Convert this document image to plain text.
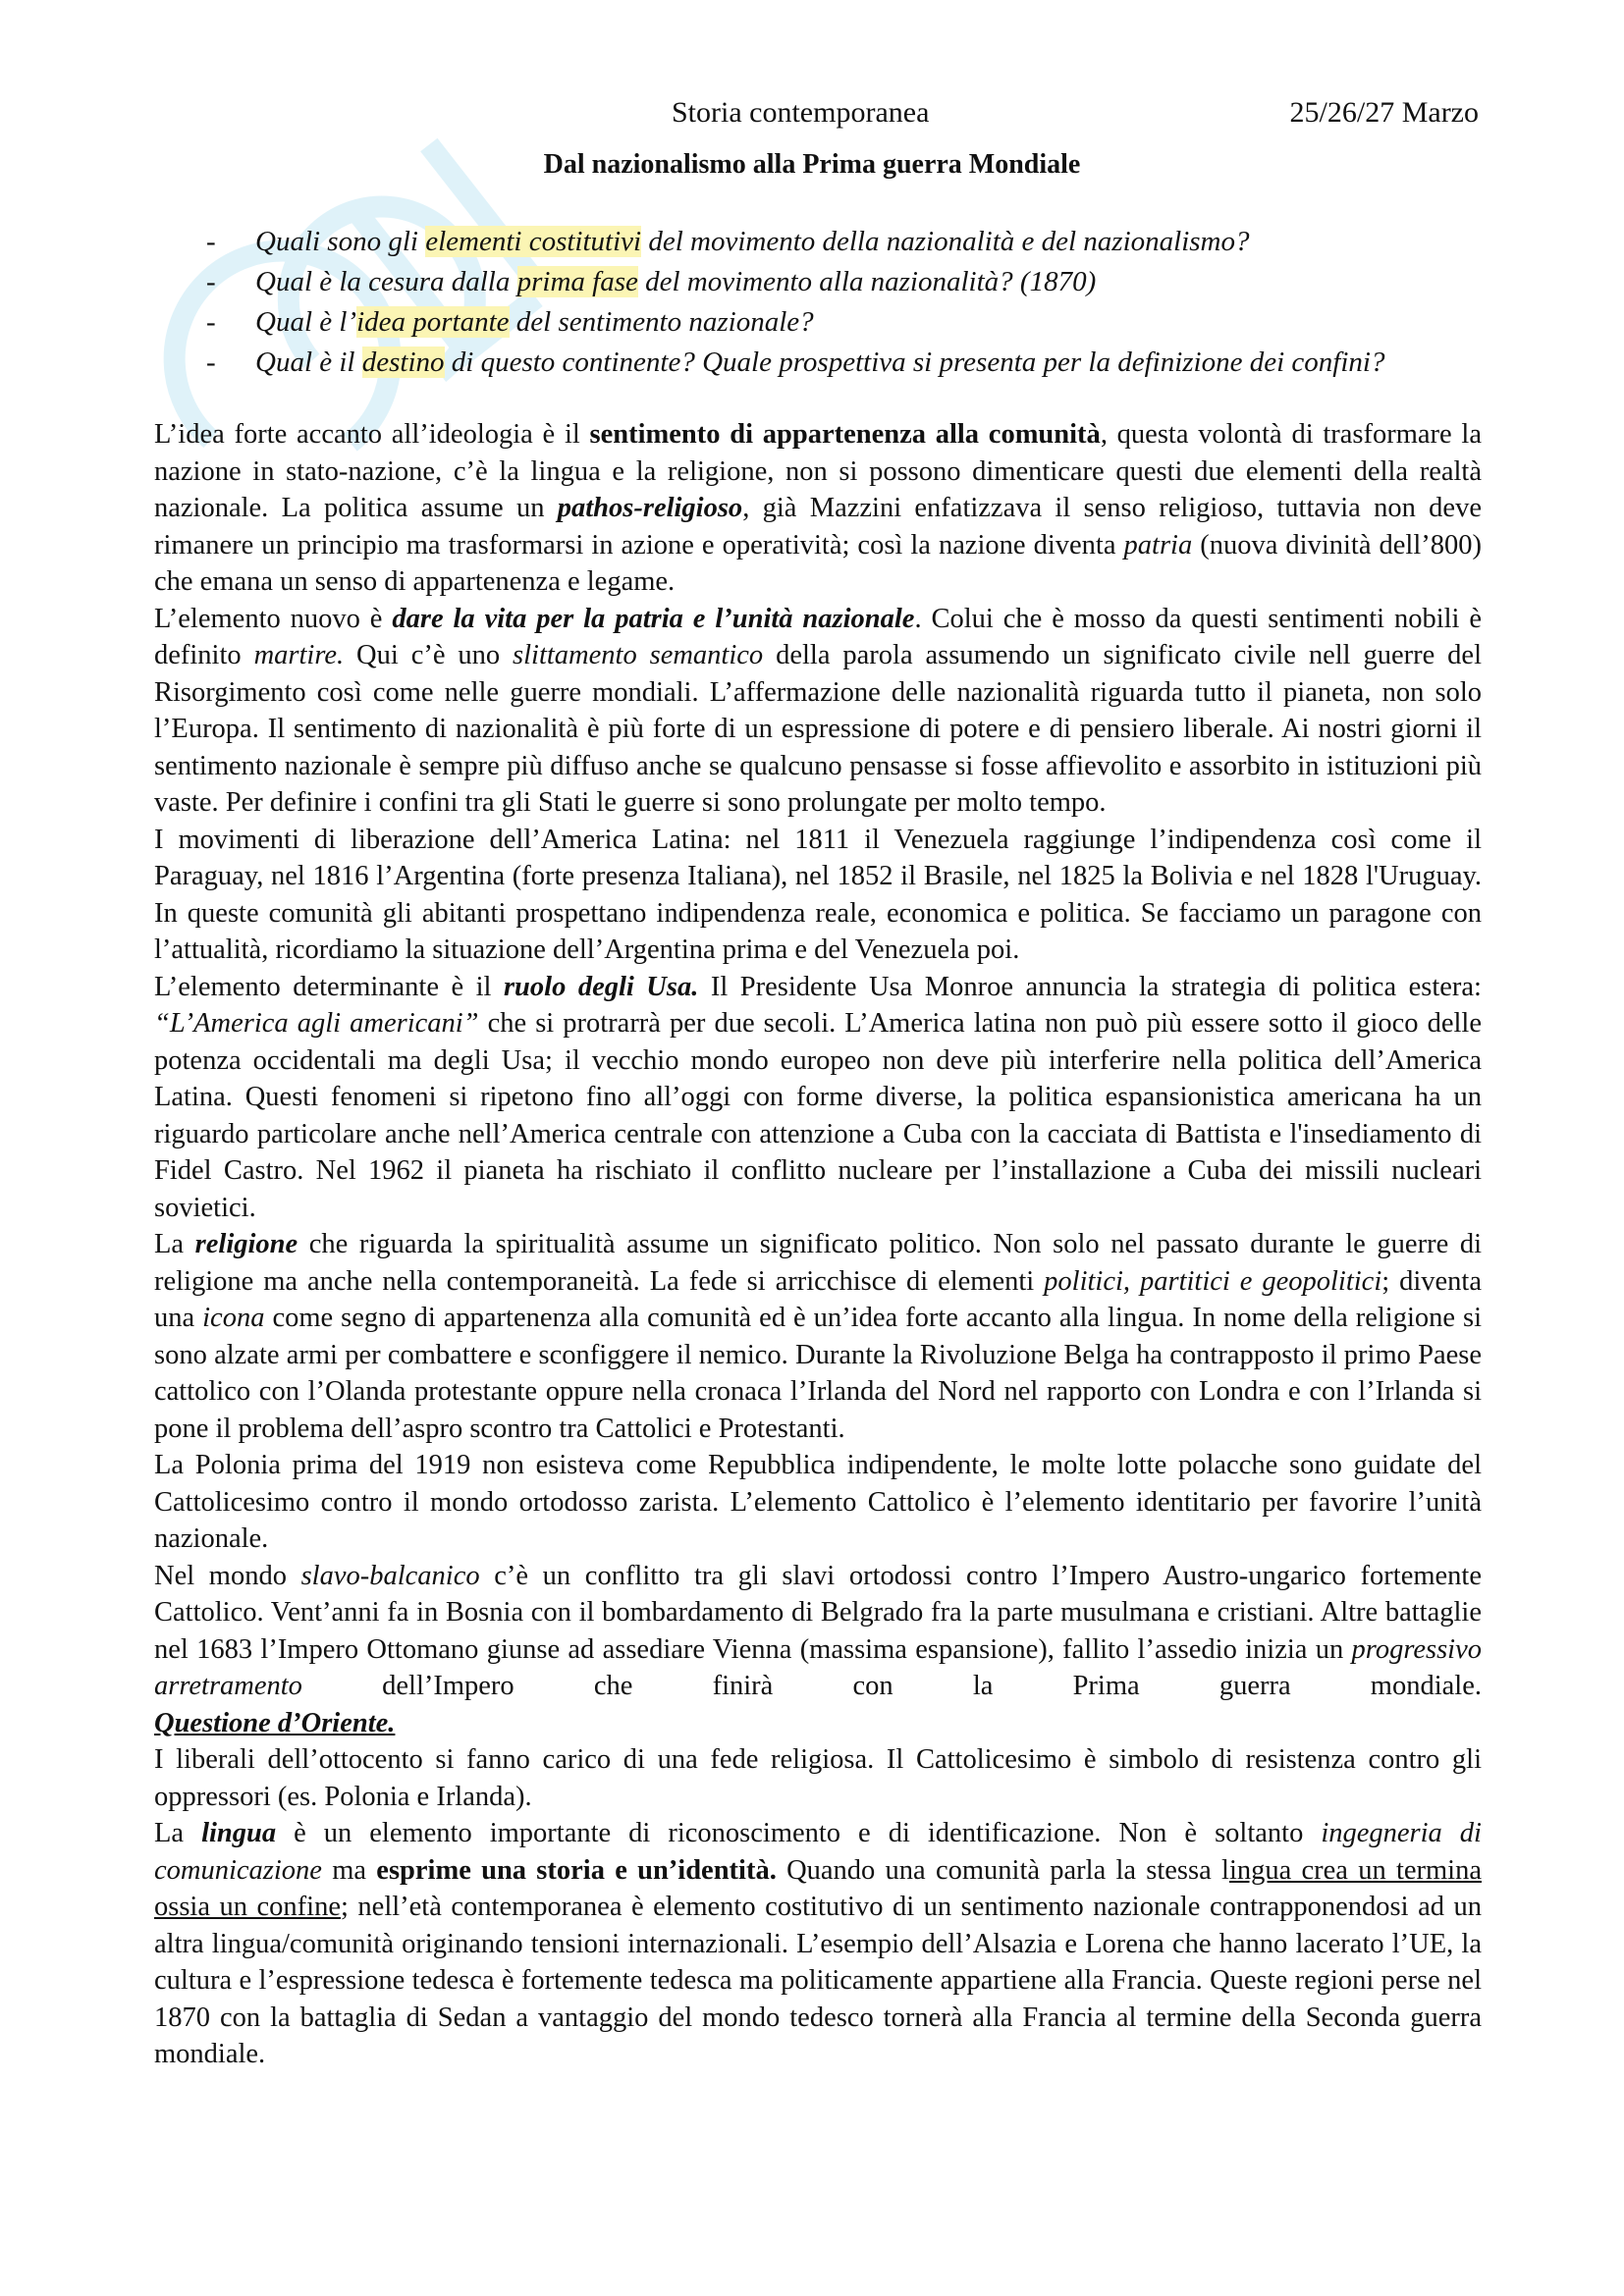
Storia contemporanea	25/26/27 Marzo
Dal nazionalismo alla Prima guerra Mondiale
- Quali sono gli elementi costitutivi del movimento della nazionalità e del nazionalismo?
- Qual è la cesura dalla prima fase del movimento alla nazionalità? (1870)
- Qual è l’idea portante del sentimento nazionale?
- Qual è il destino di questo continente? Quale prospettiva si presenta per la definizione dei confini?

L’idea forte accanto all’ideologia è il sentimento di appartenenza alla comunità, questa volontà di trasformare la nazione in stato-nazione, c’è la lingua e la religione, non si possono dimenticare questi due elementi della realtà nazionale. La politica assume un pathos-religioso, già Mazzini enfatizzava il senso religioso, tuttavia non deve rimanere un principio ma trasformarsi in azione e operatività; così la nazione diventa patria (nuova divinità dell’800) che emana un senso di appartenenza e legame.

L’elemento nuovo è dare la vita per la patria e l’unità nazionale. Colui che è mosso da questi sentimenti nobili è definito martire. Qui c’è uno slittamento semantico della parola assumendo un significato civile nell guerre del Risorgimento così come nelle guerre mondiali. L’affermazione delle nazionalità riguarda tutto il pianeta, non solo l’Europa. Il sentimento di nazionalità è più forte di un espressione di potere e di pensiero liberale. Ai nostri giorni il sentimento nazionale è sempre più diffuso anche se qualcuno pensasse si fosse affievolito e assorbito in istituzioni più vaste. Per definire i confini tra gli Stati le guerre si sono prolungate per molto tempo.

I movimenti di liberazione dell’America Latina: nel 1811 il Venezuela raggiunge l’indipendenza così come il Paraguay, nel 1816 l’Argentina (forte presenza Italiana), nel 1852 il Brasile, nel 1825 la Bolivia e nel 1828 l'Uruguay. In queste comunità gli abitanti prospettano indipendenza reale, economica e politica. Se facciamo un paragone con l’attualità, ricordiamo la situazione dell’Argentina prima e del Venezuela poi.

L’elemento determinante è il ruolo degli Usa. Il Presidente Usa Monroe annuncia la strategia di politica estera: “L’America agli americani” che si protrarrà per due secoli. L’America latina non può più essere sotto il gioco delle potenza occidentali ma degli Usa; il vecchio mondo europeo non deve più interferire nella politica dell’America Latina. Questi fenomeni si ripetono fino all’oggi con forme diverse, la politica espansionistica americana ha un riguardo particolare anche nell’America centrale con attenzione a Cuba con la cacciata di Battista e l'insediamento di Fidel Castro. Nel 1962 il pianeta ha rischiato il conflitto nucleare per l’installazione a Cuba dei missili nucleari sovietici.

La religione che riguarda la spiritualità assume un significato politico. Non solo nel passato durante le guerre di religione ma anche nella contemporaneità. La fede si arricchisce di elementi politici, partitici e geopolitici; diventa una icona come segno di appartenenza alla comunità ed è un’idea forte accanto alla lingua. In nome della religione si sono alzate armi per combattere e sconfiggere il nemico. Durante la Rivoluzione Belga ha contrapposto il primo Paese cattolico con l’Olanda protestante oppure nella cronaca l’Irlanda del Nord nel rapporto con Londra e con l’Irlanda si pone il problema dell’aspro scontro tra Cattolici e Protestanti.

La Polonia prima del 1919 non esisteva come Repubblica indipendente, le molte lotte polacche sono guidate del Cattolicesimo contro il mondo ortodosso zarista. L’elemento Cattolico è l’elemento identitario per favorire l’unità nazionale.

Nel mondo slavo-balcanico c’è un conflitto tra gli slavi ortodossi contro l’Impero Austro-ungarico fortemente Cattolico. Vent’anni fa in Bosnia con il bombardamento di Belgrado fra la parte musulmana e cristiani. Altre battaglie nel 1683 l’Impero Ottomano giunse ad assediare Vienna (massima espansione), fallito l’assedio inizia un progressivo arretramento dell’Impero che finirà con la Prima guerra mondiale.

Questione d’Oriente.

I liberali dell’ottocento si fanno carico di una fede religiosa. Il Cattolicesimo è simbolo di resistenza contro gli oppressori (es. Polonia e Irlanda).

La lingua è un elemento importante di riconoscimento e di identificazione. Non è soltanto ingegneria di comunicazione ma esprime una storia e un’identità. Quando una comunità parla la stessa lingua crea un termina ossia un confine; nell’età contemporanea è elemento costitutivo di un sentimento nazionale contrapponendosi ad un altra lingua/comunità originando tensioni internazionali. L’esempio dell’Alsazia e Lorena che hanno lacerato l’UE, la cultura e l’espressione tedesca è fortemente tedesca ma politicamente appartiene alla Francia. Queste regioni perse nel 1870 con la battaglia di Sedan a vantaggio del mondo tedesco tornerà alla Francia al termine della Seconda guerra mondiale.
